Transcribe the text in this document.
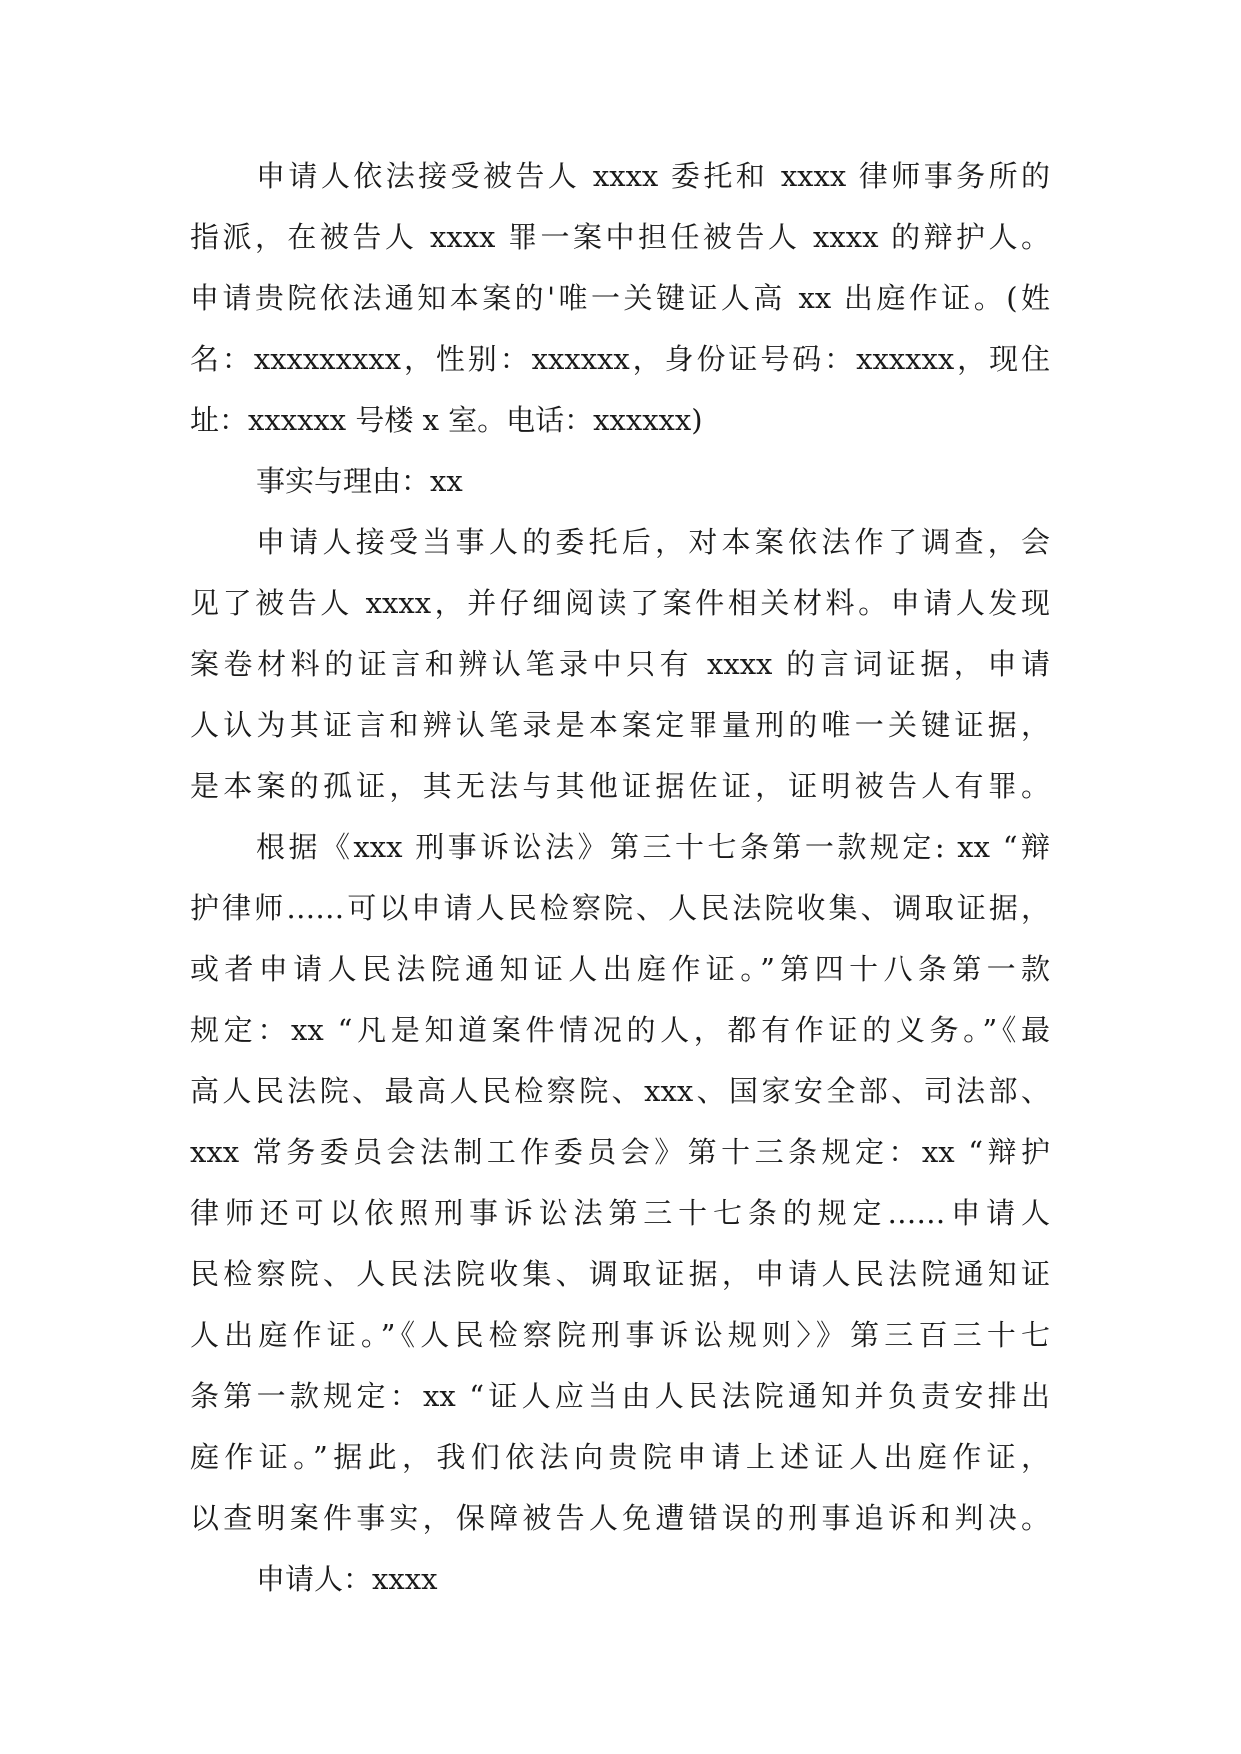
申请人依法接受被告人 xxxx 委托和 xxxx 律师事务所的
指派，在被告人 xxxx 罪一案中担任被告人 xxxx 的辩护人。
申请贵院依法通知本案的'唯一关键证人高 xx 出庭作证。(姓
名：xxxxxxxxx，性别：xxxxxx，身份证号码：xxxxxx，现住
址：xxxxxx 号楼 x 室。电话：xxxxxx)
事实与理由：xx
申请人接受当事人的委托后，对本案依法作了调查，会
见了被告人 xxxx，并仔细阅读了案件相关材料。申请人发现
案卷材料的证言和辨认笔录中只有 xxxx 的言词证据，申请
人认为其证言和辨认笔录是本案定罪量刑的唯一关键证据，
是本案的孤证，其无法与其他证据佐证，证明被告人有罪。
根据《xxx 刑事诉讼法》第三十七条第一款规定: xx “辩
护律师……可以申请人民检察院、人民法院收集、调取证据，
或者申请人民法院通知证人出庭作证。”第四十八条第一款
规定：xx “凡是知道案件情况的人，都有作证的义务。”《最
高人民法院、最高人民检察院、xxx、国家安全部、司法部、
xxx 常务委员会法制工作委员会》第十三条规定：xx “辩护
律师还可以依照刑事诉讼法第三十七条的规定……申请人
民检察院、人民法院收集、调取证据，申请人民法院通知证
人出庭作证。”《人民检察院刑事诉讼规则〉》第三百三十七
条第一款规定：xx “证人应当由人民法院通知并负责安排出
庭作证。”据此，我们依法向贵院申请上述证人出庭作证，
以查明案件事实，保障被告人免遭错误的刑事追诉和判决。
申请人：xxxx
